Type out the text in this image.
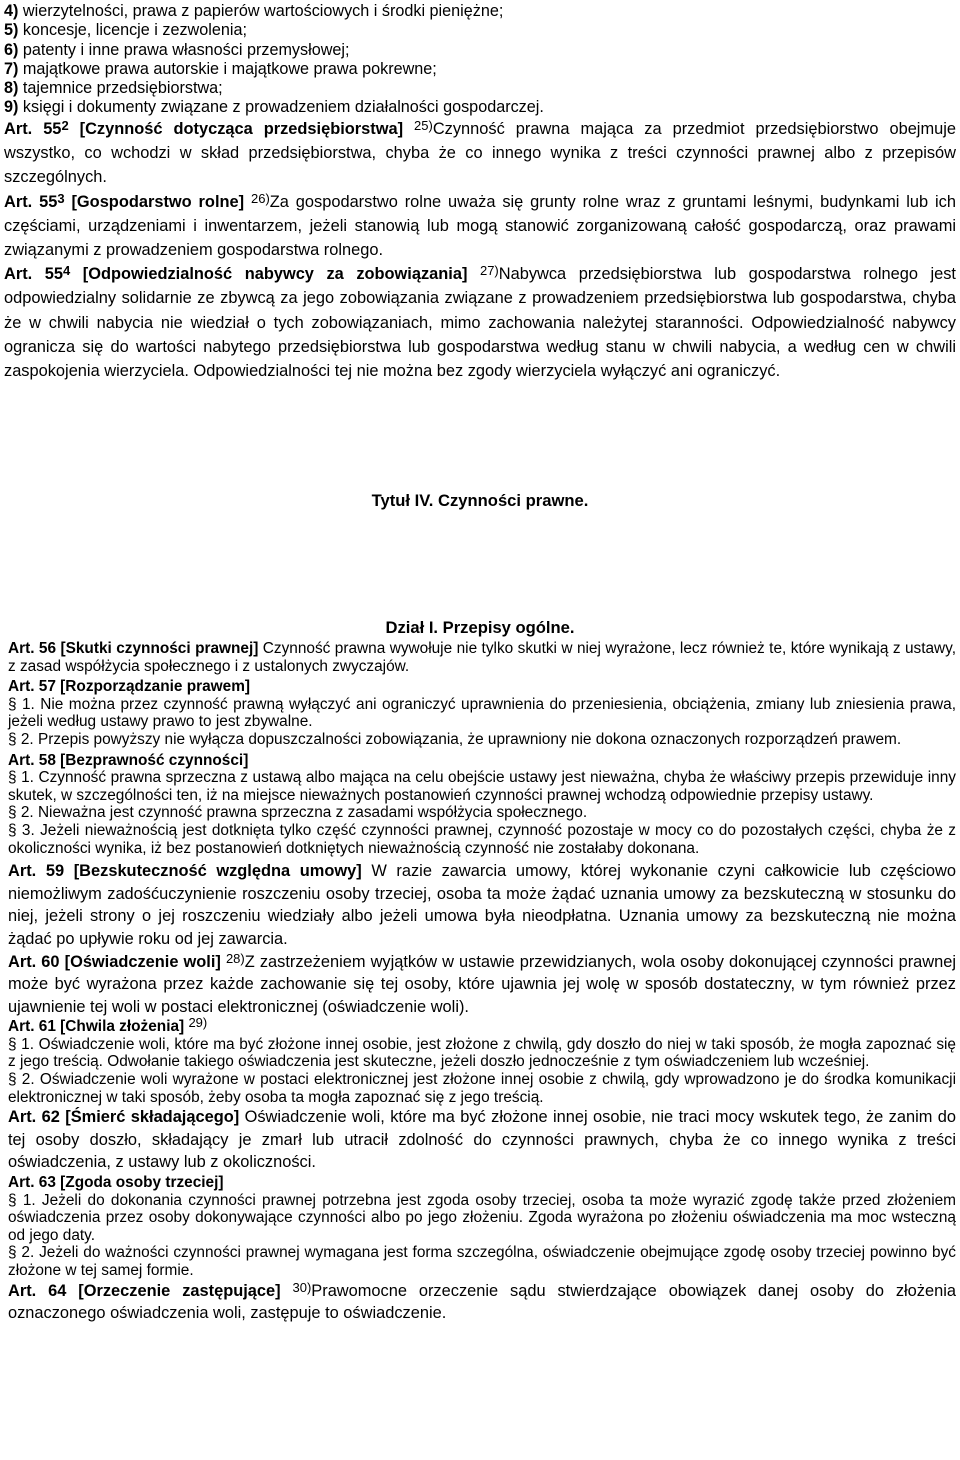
4) wierzytelności, prawa z papierów wartościowych i środki pieniężne;

5) koncesje, licencje i zezwolenia;

6) patenty i inne prawa własności przemysłowej;

7) majątkowe prawa autorskie i majątkowe prawa pokrewne;

8) tajemnice przedsiębiorstwa;

9) księgi i dokumenty związane z prowadzeniem działalności gospodarczej.

Art. $55^2$ [Czynność dotycząca przedsiębiorstwa] $^{25)}$Czynność prawna mająca za przedmiot przedsiębiorstwo obejmuje wszystko, co wchodzi w skład przedsiębiorstwa, chyba że co innego wynika z treści czynności prawnej albo z przepisów szczególnych.

Art. $55^3$ [Gospodarstwo rolne] $^{26)}$Za gospodarstwo rolne uważa się grunty rolne wraz z gruntami leśnymi, budynkami lub ich częściami, urządzeniami i inwentarzem, jeżeli stanowią lub mogą stanowić zorganizowaną całość gospodarczą, oraz prawami związanymi z prowadzeniem gospodarstwa rolnego.

Art. $55^4$ [Odpowiedzialność nabywcy za zobowiązania] $^{27)}$Nabywca przedsiębiorstwa lub gospodarstwa rolnego jest odpowiedzialny solidarnie ze zbywcą za jego zobowiązania związane z prowadzeniem przedsiębiorstwa lub gospodarstwa, chyba że w chwili nabycia nie wiedział o tych zobowiązaniach, mimo zachowania należytej staranności. Odpowiedzialność nabywcy ogranicza się do wartości nabytego przedsiębiorstwa lub gospodarstwa według stanu w chwili nabycia, a według cen w chwili zaspokojenia wierzyciela. Odpowiedzialności tej nie można bez zgody wierzyciela wyłączyć ani ograniczyć.

Tytuł IV. Czynności prawne.
Dział I. Przepisy ogólne.

Art. 56 [Skutki czynności prawnej] Czynność prawna wywołuje nie tylko skutki w niej wyrażone, lecz również te, które wynikają z ustawy, z zasad współżycia społecznego i z ustalonych zwyczajów.

Art. 57 [Rozporządzanie prawem]

§ 1. Nie można przez czynność prawną wyłączyć ani ograniczyć uprawnienia do przeniesienia, obciążenia, zmiany lub zniesienia prawa, jeżeli według ustawy prawo to jest zbywalne.

§ 2. Przepis powyższy nie wyłącza dopuszczalności zobowiązania, że uprawniony nie dokona oznaczonych rozporządzeń prawem.

Art. 58 [Bezprawność czynności]

§ 1. Czynność prawna sprzeczna z ustawą albo mająca na celu obejście ustawy jest nieważna, chyba że właściwy przepis przewiduje inny skutek, w szczególności ten, iż na miejsce nieważnych postanowień czynności prawnej wchodzą odpowiednie przepisy ustawy.

§ 2. Nieważna jest czynność prawna sprzeczna z zasadami współżycia społecznego.

§ 3. Jeżeli nieważnością jest dotknięta tylko część czynności prawnej, czynność pozostaje w mocy co do pozostałych części, chyba że z okoliczności wynika, iż bez postanowień dotkniętych nieważnością czynność nie zostałaby dokonana.

Art. 59 [Bezskuteczność względna umowy] W razie zawarcia umowy, której wykonanie czyni całkowicie lub częściowo niemożliwym zadośćuczynienie roszczeniu osoby trzeciej, osoba ta może żądać uznania umowy za bezskuteczną w stosunku do niej, jeżeli strony o jej roszczeniu wiedziały albo jeżeli umowa była nieodpłatna. Uznania umowy za bezskuteczną nie można żądać po upływie roku od jej zawarcia.

Art. 60 [Oświadczenie woli] $^{28)}$Z zastrzeżeniem wyjątków w ustawie przewidzianych, wola osoby dokonującej czynności prawnej może być wyrażona przez każde zachowanie się tej osoby, które ujawnia jej wolę w sposób dostateczny, w tym również przez ujawnienie tej woli w postaci elektronicznej (oświadczenie woli).

Art. 61 [Chwila złożenia] $^{29)}$

§ 1. Oświadczenie woli, które ma być złożone innej osobie, jest złożone z chwilą, gdy doszło do niej w taki sposób, że mogła zapoznać się z jego treścią. Odwołanie takiego oświadczenia jest skuteczne, jeżeli doszło jednocześnie z tym oświadczeniem lub wcześniej.

§ 2. Oświadczenie woli wyrażone w postaci elektronicznej jest złożone innej osobie z chwilą, gdy wprowadzono je do środka komunikacji elektronicznej w taki sposób, żeby osoba ta mogła zapoznać się z jego treścią.

Art. 62 [Śmierć składającego] Oświadczenie woli, które ma być złożone innej osobie, nie traci mocy wskutek tego, że zanim do tej osoby doszło, składający je zmarł lub utracił zdolność do czynności prawnych, chyba że co innego wynika z treści oświadczenia, z ustawy lub z okoliczności.

Art. 63 [Zgoda osoby trzeciej]

§ 1. Jeżeli do dokonania czynności prawnej potrzebna jest zgoda osoby trzeciej, osoba ta może wyrazić zgodę także przed złożeniem oświadczenia przez osoby dokonywające czynności albo po jego złożeniu. Zgoda wyrażona po złożeniu oświadczenia ma moc wsteczną od jego daty.

§ 2. Jeżeli do ważności czynności prawnej wymagana jest forma szczególna, oświadczenie obejmujące zgodę osoby trzeciej powinno być złożone w tej samej formie.

Art. 64 [Orzeczenie zastępujące] $^{30)}$Prawomocne orzeczenie sądu stwierdzające obowiązek danej osoby do złożenia oznaczonego oświadczenia woli, zastępuje to oświadczenie.
